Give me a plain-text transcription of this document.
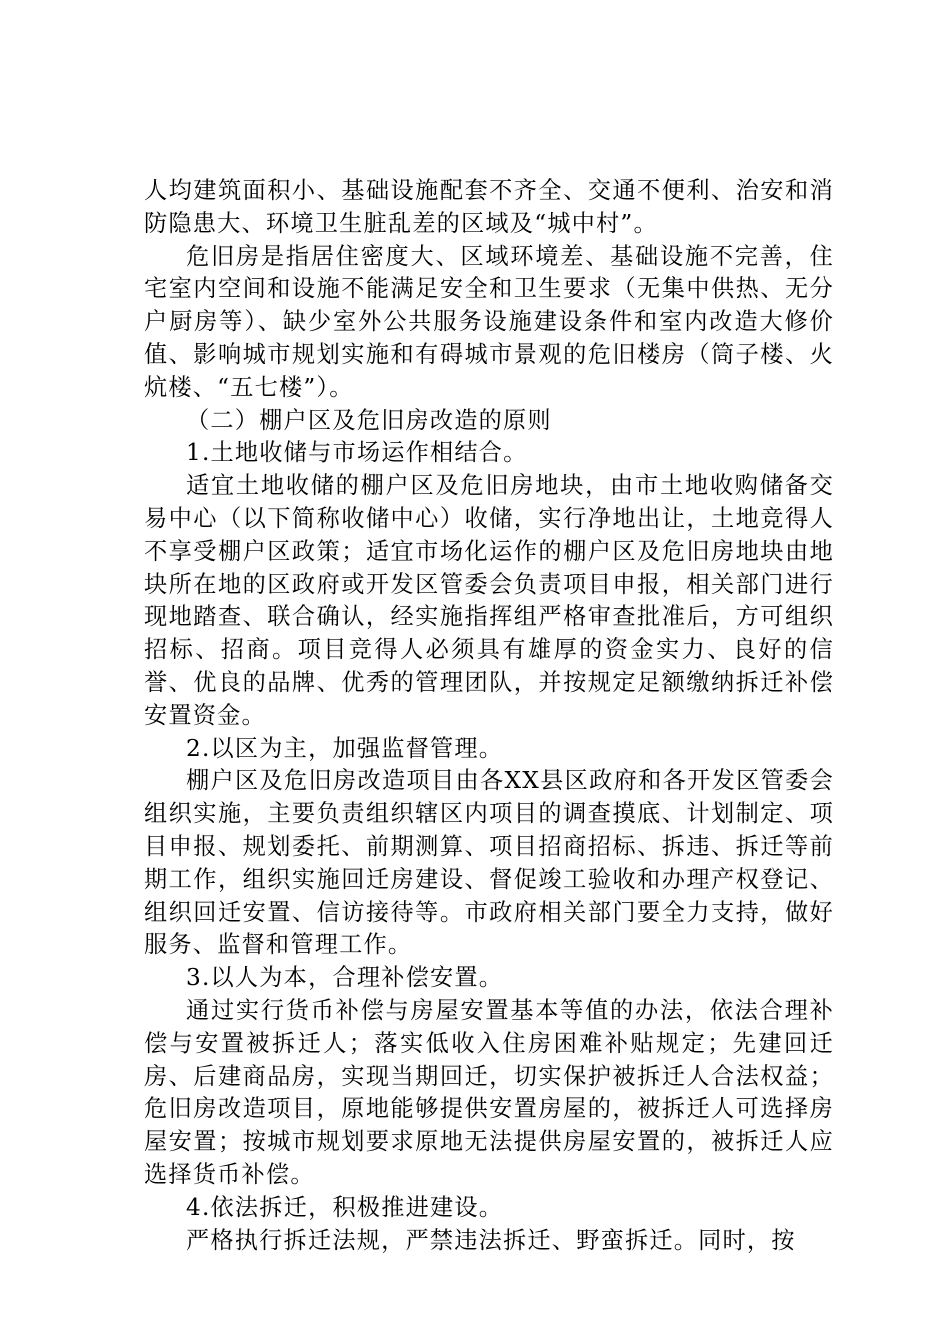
人均建筑面积小、基础设施配套不齐全、交通不便利、治安和消防隐患大、环境卫生脏乱差的区域及“城中村”。

危旧房是指居住密度大、区域环境差、基础设施不完善，住宅室内空间和设施不能满足安全和卫生要求（无集中供热、无分户厨房等）、缺少室外公共服务设施建设条件和室内改造大修价值、影响城市规划实施和有碍城市景观的危旧楼房（筒子楼、火炕楼、“五七楼”）。

（二）棚户区及危旧房改造的原则

1.土地收储与市场运作相结合。

适宜土地收储的棚户区及危旧房地块，由市土地收购储备交易中心（以下简称收储中心）收储，实行净地出让，土地竞得人不享受棚户区政策；适宜市场化运作的棚户区及危旧房地块由地块所在地的区政府或开发区管委会负责项目申报，相关部门进行现地踏查、联合确认，经实施指挥组严格审查批准后，方可组织招标、招商。项目竞得人必须具有雄厚的资金实力、良好的信誉、优良的品牌、优秀的管理团队，并按规定足额缴纳拆迁补偿安置资金。

2.以区为主，加强监督管理。

棚户区及危旧房改造项目由各XX县区政府和各开发区管委会组织实施，主要负责组织辖区内项目的调查摸底、计划制定、项目申报、规划委托、前期测算、项目招商招标、拆违、拆迁等前期工作，组织实施回迁房建设、督促竣工验收和办理产权登记、组织回迁安置、信访接待等。市政府相关部门要全力支持，做好服务、监督和管理工作。

3.以人为本，合理补偿安置。

通过实行货币补偿与房屋安置基本等值的办法，依法合理补偿与安置被拆迁人；落实低收入住房困难补贴规定；先建回迁房、后建商品房，实现当期回迁，切实保护被拆迁人合法权益；危旧房改造项目，原地能够提供安置房屋的，被拆迁人可选择房屋安置；按城市规划要求原地无法提供房屋安置的，被拆迁人应选择货币补偿。

4.依法拆迁，积极推进建设。

严格执行拆迁法规，严禁违法拆迁、野蛮拆迁。同时，按
